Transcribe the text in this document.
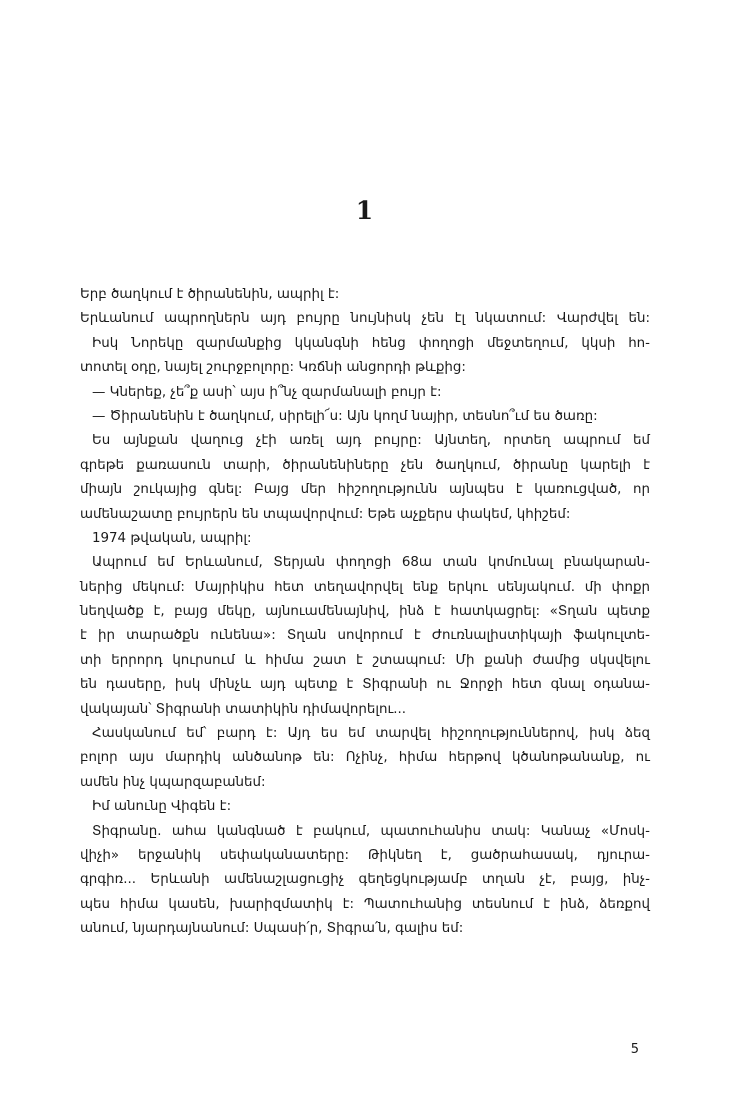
1
Երբ ծաղկում է ծիրանենին, ապրիլ է:
Երևանում ապրողներն այդ բույրը նույնիսկ չեն էլ նկատում: Վարժվել են:
Իսկ Նորեկը զարմանքից կկանգնի հենց փողոցի մեջտեղում, կկսի հո-
տոտել օդը, նայել շուրջբոլորը: Կռճնի անցորդի թևքից:
— Կներեք, չե՞ք ասի՝ այս ի՞նչ զարմանալի բույր է:
— Ծիրանենին է ծաղկում, սիրելի՜ս: Այն կողմ նայիր, տեսնո՞ւմ ես ծառը:
Ես այնքան վաղուց չէի առել այդ բույրը: Այնտեղ, որտեղ ապրում եմ
գրեթե քառասուն տարի, ծիրանենիները չեն ծաղկում, ծիրանը կարելի է
միայն շուկայից գնել: Բայց մեր հիշողությունն այնպես է կառուցված, որ
ամենաշատը բույրերն են տպավորվում: Եթե աչքերս փակեմ, կհիշեմ:
1974 թվական, ապրիլ:
Ապրում եմ Երևանում, Տերյան փողոցի 68ա տան կոմունալ բնակարան-
ներից մեկում: Մայրիկիս հետ տեղավորվել ենք երկու սենյակում. մի փոքր
նեղվածք է, բայց մեկը, այնուամենայնիվ, ինձ է հատկացրել: «Տղան պետք
է իր տարածքն ունենա»: Տղան սովորում է Ժուռնալիստիկայի ֆակուլտե-
տի երրորդ կուրսում և հիմա շատ է շտապում: Մի քանի ժամից սկսվելու
են դասերը, իսկ մինչև այդ պետք է Տիգրանի ու Ջորջի հետ գնալ օդանա-
վակայան՝ Տիգրանի տատիկին դիմավորելու...
Հասկանում եմ՝ բարդ է: Այդ ես եմ տարվել հիշողություններով, իսկ ձեզ
բոլոր այս մարդիկ անծանոթ են: Ոչինչ, հիմա հերթով կծանոթանանք, ու
ամեն ինչ կպարզաբանեմ:
Իմ անունը Վիգեն է:
Տիգրանը. ահա կանգնած է բակում, պատուհանիս տակ: Կանաչ «Մոսկ-
վիչի» երջանիկ սեփականատերը: Թիկնեղ է, ցածրահասակ, դյուրա-
գրգիռ... Երևանի ամենաշլացուցիչ գեղեցկությամբ տղան չէ, բայց, ինչ-
պես հիմա կասեն, խարիզմատիկ է: Պատուհանից տեսնում է ինձ, ձեռքով
անում, նյարդայնանում: Սպասի՛ր, Տիգրա՛ն, գալիս եմ:
5
